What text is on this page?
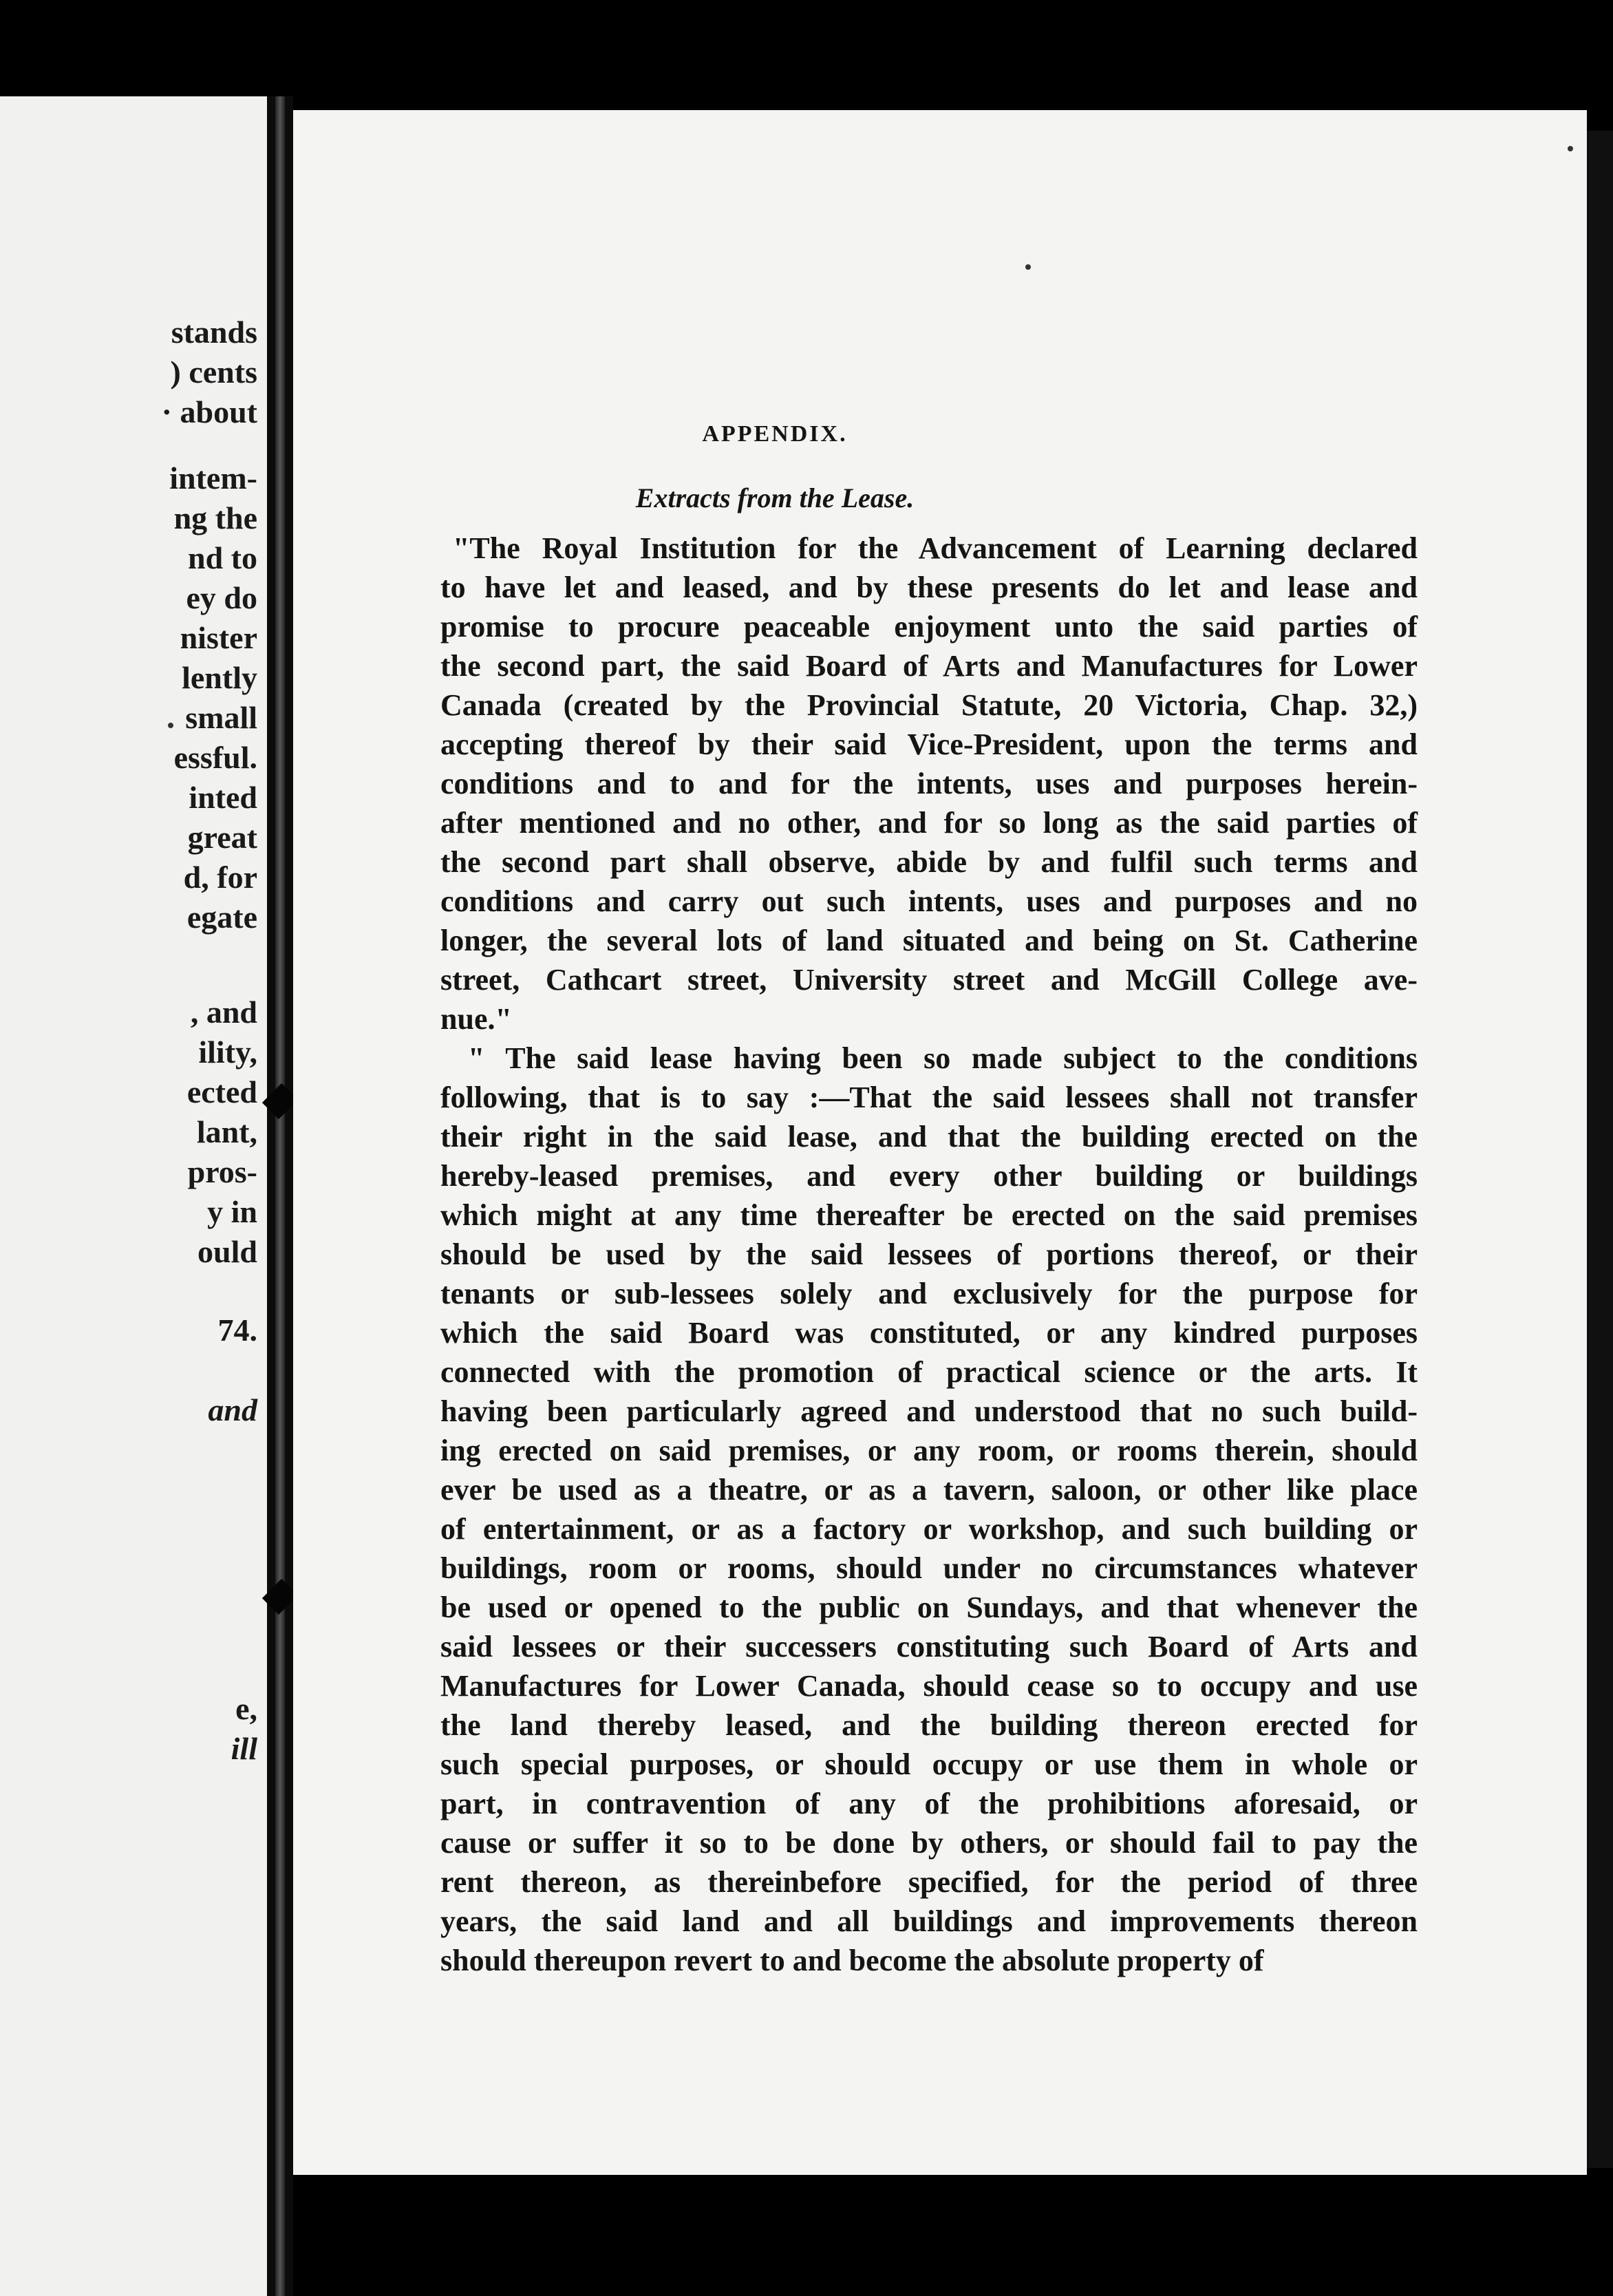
stands
) cents
· about
intem-
ng the
nd to
ey do
nister
lently
small
essful.
inted
great
d, for
egate
, and
ility,
ected
lant,
pros-
y in
ould
74.
and
e,
ill
APPENDIX.
Extracts from the Lease.
"The Royal Institution for the Advancement of Learning declared
to have let and leased, and by these presents do let and lease and
promise to procure peaceable enjoyment unto the said parties of
the second part, the said Board of Arts and Manufactures for Lower
Canada (created by the Provincial Statute, 20 Victoria, Chap. 32,)
accepting thereof by their said Vice-President, upon the terms and
conditions and to and for the intents, uses and purposes herein-
after mentioned and no other, and for so long as the said parties of
the second part shall observe, abide by and fulfil such terms and
conditions and carry out such intents, uses and purposes and no
longer, the several lots of land situated and being on St. Catherine
street, Cathcart street, University street and McGill College ave-
nue."
" The said lease having been so made subject to the conditions
following, that is to say :—That the said lessees shall not transfer
their right in the said lease, and that the building erected on the
hereby-leased premises, and every other building or buildings
which might at any time thereafter be erected on the said premises
should be used by the said lessees of portions thereof, or their
tenants or sub-lessees solely and exclusively for the purpose for
which the said Board was constituted, or any kindred purposes
connected with the promotion of practical science or the arts. It
having been particularly agreed and understood that no such build-
ing erected on said premises, or any room, or rooms therein, should
ever be used as a theatre, or as a tavern, saloon, or other like place
of entertainment, or as a factory or workshop, and such building or
buildings, room or rooms, should under no circumstances whatever
be used or opened to the public on Sundays, and that whenever the
said lessees or their successers constituting such Board of Arts and
Manufactures for Lower Canada, should cease so to occupy and use
the land thereby leased, and the building thereon erected for
such special purposes, or should occupy or use them in whole or
part, in contravention of any of the prohibitions aforesaid, or
cause or suffer it so to be done by others, or should fail to pay the
rent thereon, as thereinbefore specified, for the period of three
years, the said land and all buildings and improvements thereon
should thereupon revert to and become the absolute property of
